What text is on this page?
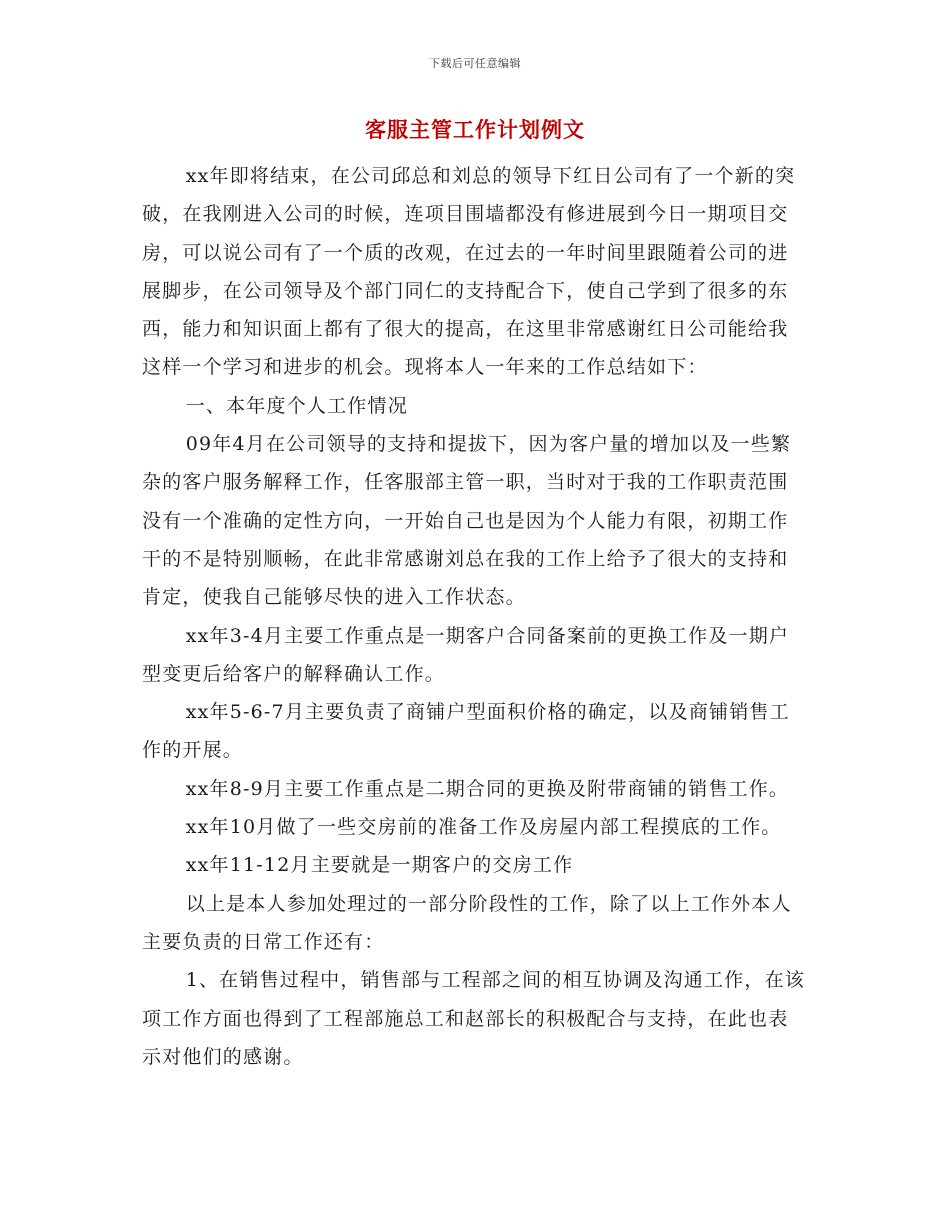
下载后可任意编辑
客服主管工作计划例文

xx年即将结束，在公司邱总和刘总的领导下红日公司有了一个新的突破，在我刚进入公司的时候，连项目围墙都没有修进展到今日一期项目交房，可以说公司有了一个质的改观，在过去的一年时间里跟随着公司的进展脚步，在公司领导及个部门同仁的支持配合下，使自己学到了很多的东西，能力和知识面上都有了很大的提高，在这里非常感谢红日公司能给我这样一个学习和进步的机会。现将本人一年来的工作总结如下：

一、本年度个人工作情况

09年4月在公司领导的支持和提拔下，因为客户量的增加以及一些繁杂的客户服务解释工作，任客服部主管一职，当时对于我的工作职责范围没有一个准确的定性方向，一开始自己也是因为个人能力有限，初期工作干的不是特别顺畅，在此非常感谢刘总在我的工作上给予了很大的支持和肯定，使我自己能够尽快的进入工作状态。

xx年3-4月主要工作重点是一期客户合同备案前的更换工作及一期户型变更后给客户的解释确认工作。

xx年5-6-7月主要负责了商铺户型面积价格的确定，以及商铺销售工作的开展。

xx年8-9月主要工作重点是二期合同的更换及附带商铺的销售工作。

xx年10月做了一些交房前的准备工作及房屋内部工程摸底的工作。

xx年11-12月主要就是一期客户的交房工作

以上是本人参加处理过的一部分阶段性的工作，除了以上工作外本人主要负责的日常工作还有：

1、在销售过程中，销售部与工程部之间的相互协调及沟通工作，在该项工作方面也得到了工程部施总工和赵部长的积极配合与支持，在此也表示对他们的感谢。
